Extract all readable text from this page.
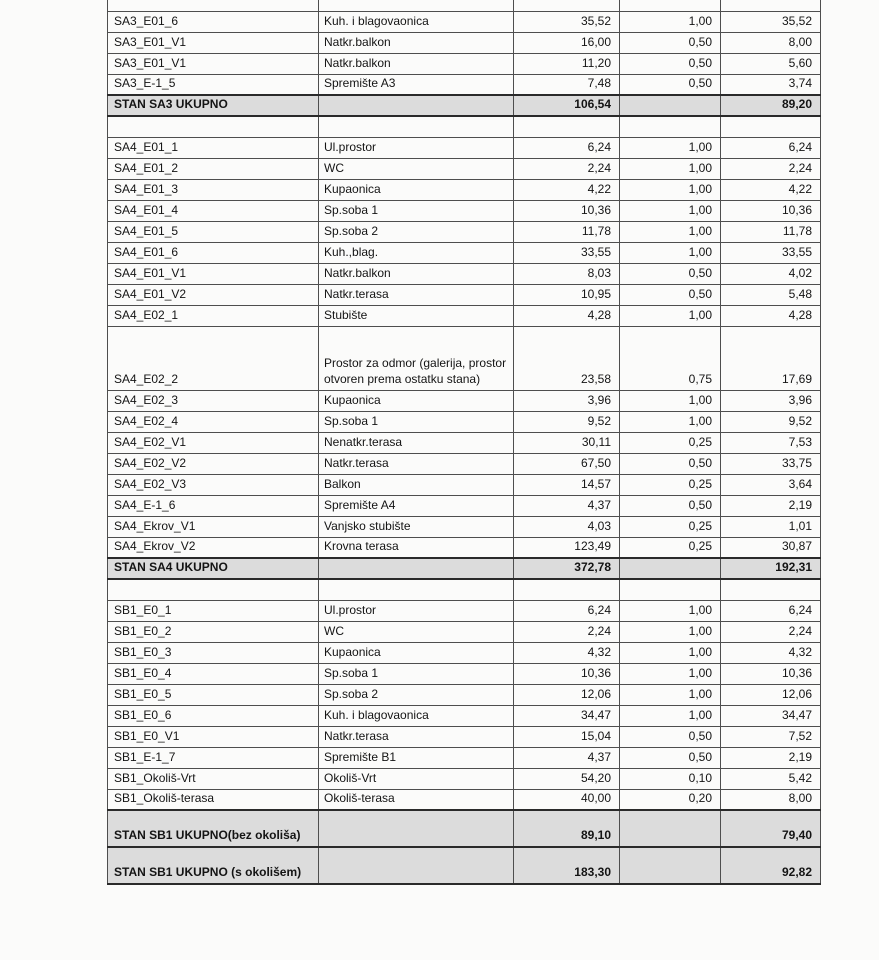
SA3_E01_6	Kuh. i blagovaonica	35,52	1,00	35,52
SA3_E01_V1	Natkr.balkon	16,00	0,50	8,00
SA3_E01_V1	Natkr.balkon	11,20	0,50	5,60
SA3_E-1_5	Spremište A3	7,48	0,50	3,74
STAN SA3 UKUPNO		106,54		89,20

SA4_E01_1	Ul.prostor	6,24	1,00	6,24
SA4_E01_2	WC	2,24	1,00	2,24
SA4_E01_3	Kupaonica	4,22	1,00	4,22
SA4_E01_4	Sp.soba 1	10,36	1,00	10,36
SA4_E01_5	Sp.soba 2	11,78	1,00	11,78
SA4_E01_6	Kuh.,blag.	33,55	1,00	33,55
SA4_E01_V1	Natkr.balkon	8,03	0,50	4,02
SA4_E01_V2	Natkr.terasa	10,95	0,50	5,48
SA4_E02_1	Stubište	4,28	1,00	4,28
SA4_E02_2	Prostor za odmor (galerija, prostor otvoren prema ostatku stana)	23,58	0,75	17,69
SA4_E02_3	Kupaonica	3,96	1,00	3,96
SA4_E02_4	Sp.soba 1	9,52	1,00	9,52
SA4_E02_V1	Nenatkr.terasa	30,11	0,25	7,53
SA4_E02_V2	Natkr.terasa	67,50	0,50	33,75
SA4_E02_V3	Balkon	14,57	0,25	3,64
SA4_E-1_6	Spremište A4	4,37	0,50	2,19
SA4_Ekrov_V1	Vanjsko stubište	4,03	0,25	1,01
SA4_Ekrov_V2	Krovna terasa	123,49	0,25	30,87
STAN SA4 UKUPNO		372,78		192,31

SB1_E0_1	Ul.prostor	6,24	1,00	6,24
SB1_E0_2	WC	2,24	1,00	2,24
SB1_E0_3	Kupaonica	4,32	1,00	4,32
SB1_E0_4	Sp.soba 1	10,36	1,00	10,36
SB1_E0_5	Sp.soba 2	12,06	1,00	12,06
SB1_E0_6	Kuh. i blagovaonica	34,47	1,00	34,47
SB1_E0_V1	Natkr.terasa	15,04	0,50	7,52
SB1_E-1_7	Spremište B1	4,37	0,50	2,19
SB1_Okoliš-Vrt	Okoliš-Vrt	54,20	0,10	5,42
SB1_Okoliš-terasa	Okoliš-terasa	40,00	0,20	8,00
STAN SB1 UKUPNO(bez okoliša)		89,10		79,40
STAN SB1 UKUPNO (s okolišem)		183,30		92,82
